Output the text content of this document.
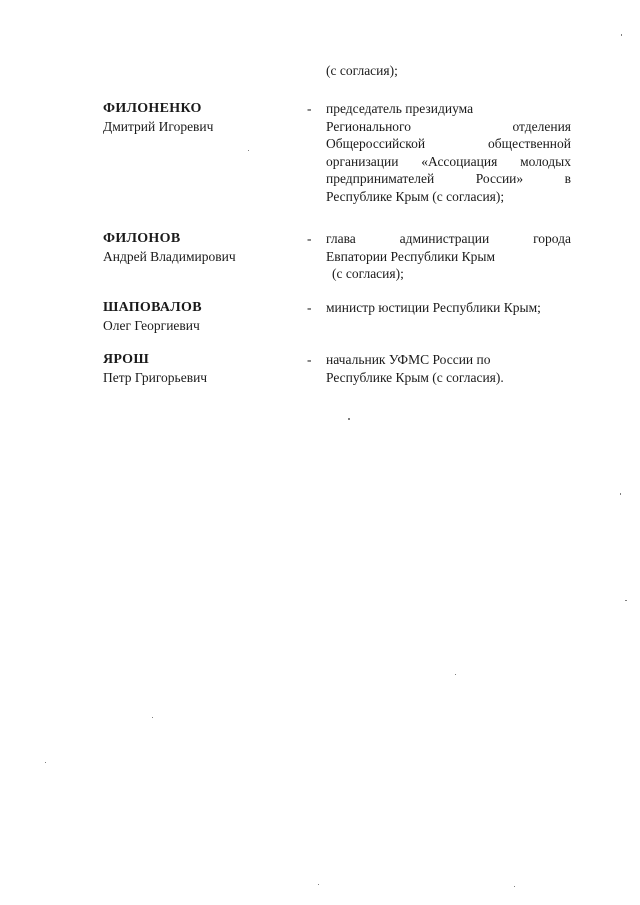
(с согласия);
ФИЛОНЕНКО
Дмитрий Игоревич
- председатель президиума
Регионального отделения
Общероссийской общественной
организации «Ассоциация молодых
предпринимателей России» в
Республике Крым (с согласия);
ФИЛОНОВ
Андрей Владимирович
- глава администрации города
Евпатории Республики Крым
(с согласия);
ШАПОВАЛОВ
Олег Георгиевич
- министр юстиции Республики Крым;
ЯРОШ
Петр Григорьевич
- начальник УФМС России по
Республике Крым (с согласия).
